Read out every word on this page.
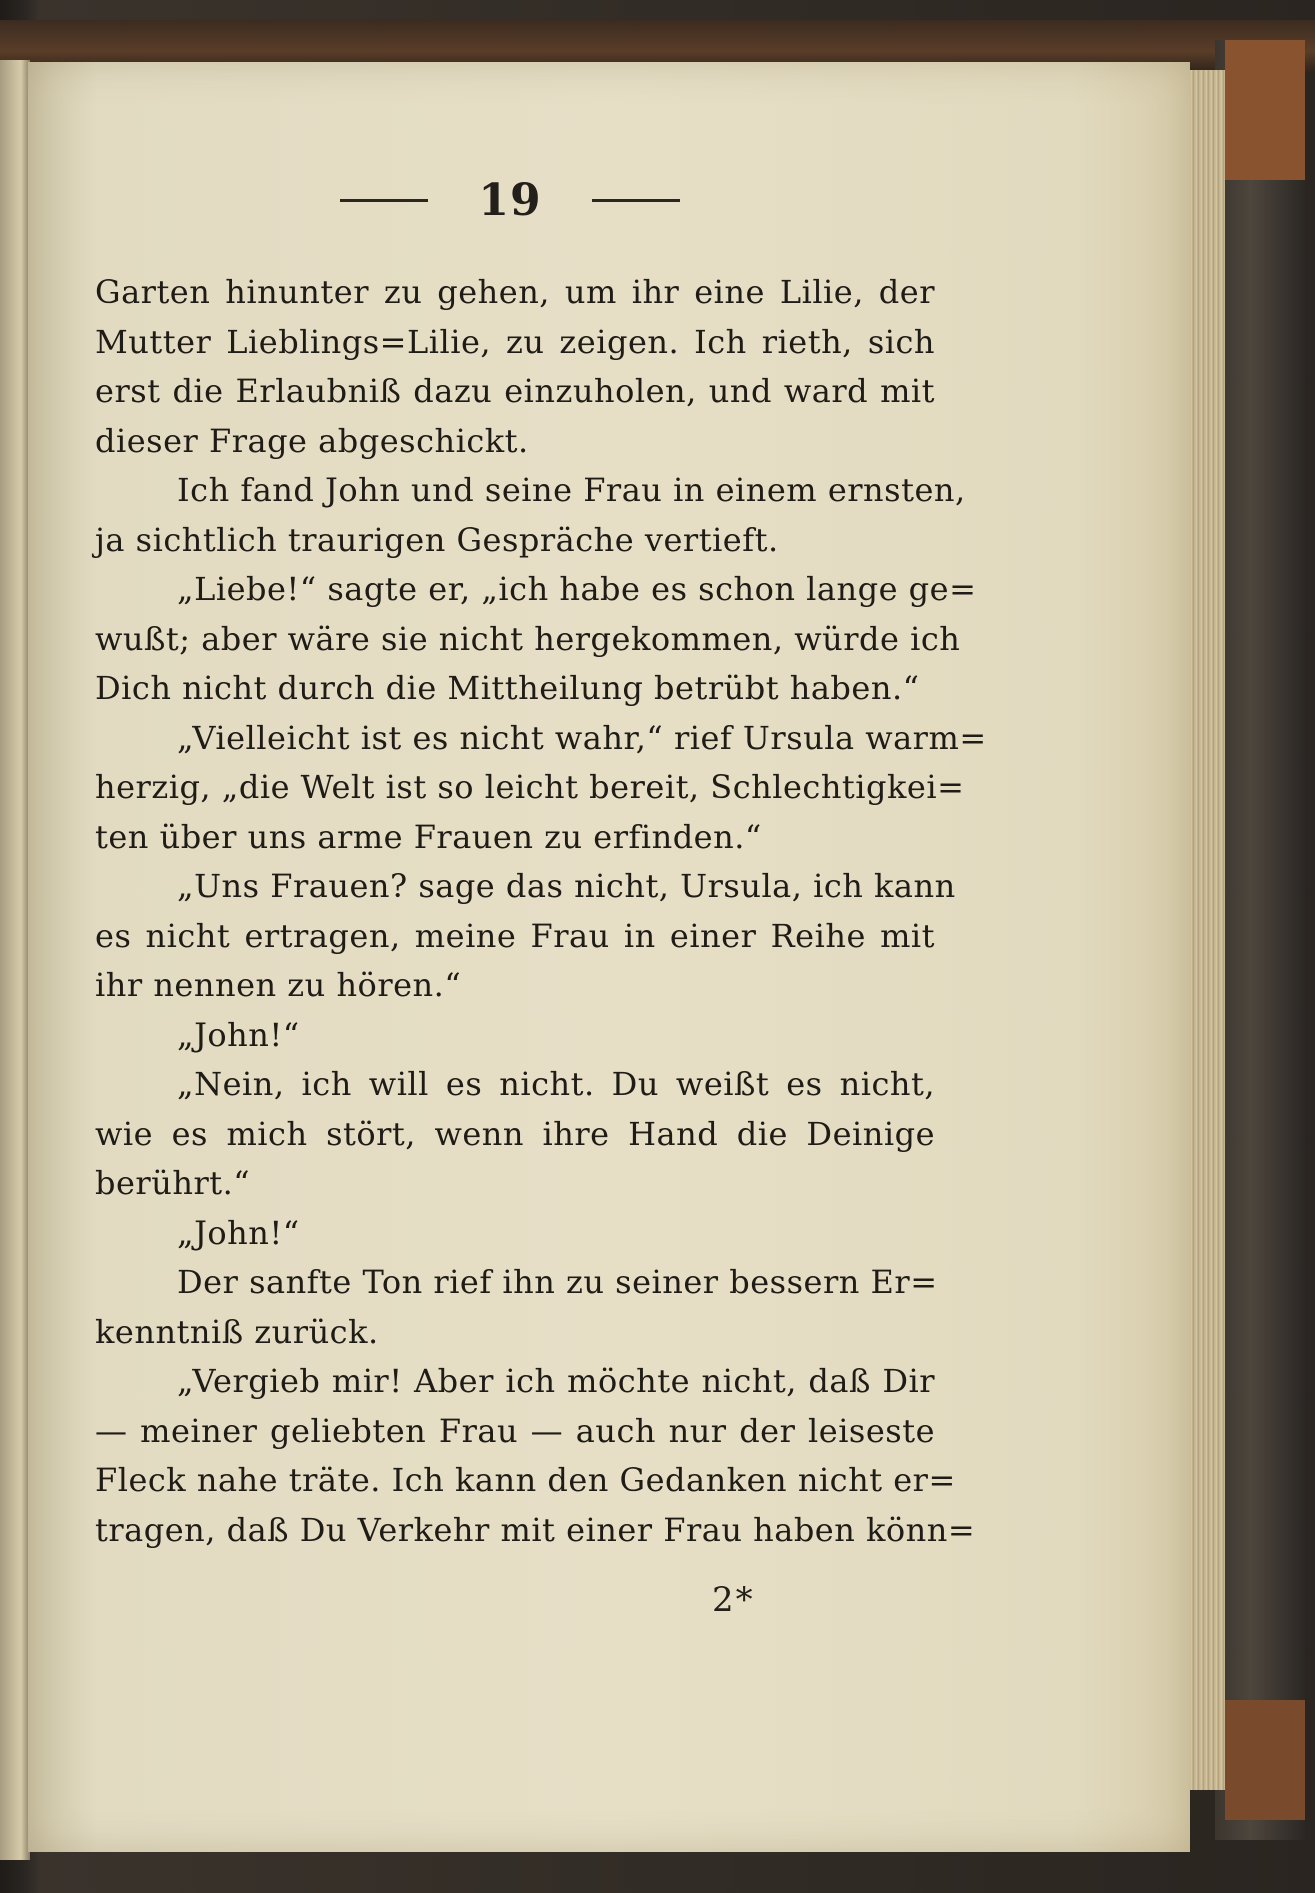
19
Garten hinunter zu gehen, um ihr eine Lilie, der
Mutter Lieblings=Lilie, zu zeigen. Ich rieth, sich
erst die Erlaubniß dazu einzuholen, und ward mit
dieser Frage abgeschickt.
Ich fand John und seine Frau in einem ernsten,
ja sichtlich traurigen Gespräche vertieft.
„Liebe!“ sagte er, „ich habe es schon lange ge=
wußt; aber wäre sie nicht hergekommen, würde ich
Dich nicht durch die Mittheilung betrübt haben.“
„Vielleicht ist es nicht wahr,“ rief Ursula warm=
herzig, „die Welt ist so leicht bereit, Schlechtigkei=
ten über uns arme Frauen zu erfinden.“
„Uns Frauen? sage das nicht, Ursula, ich kann
es nicht ertragen, meine Frau in einer Reihe mit
ihr nennen zu hören.“
„John!“
„Nein, ich will es nicht. Du weißt es nicht,
wie es mich stört, wenn ihre Hand die Deinige
berührt.“
„John!“
Der sanfte Ton rief ihn zu seiner bessern Er=
kenntniß zurück.
„Vergieb mir! Aber ich möchte nicht, daß Dir
— meiner geliebten Frau — auch nur der leiseste
Fleck nahe träte. Ich kann den Gedanken nicht er=
tragen, daß Du Verkehr mit einer Frau haben könn=
2*
